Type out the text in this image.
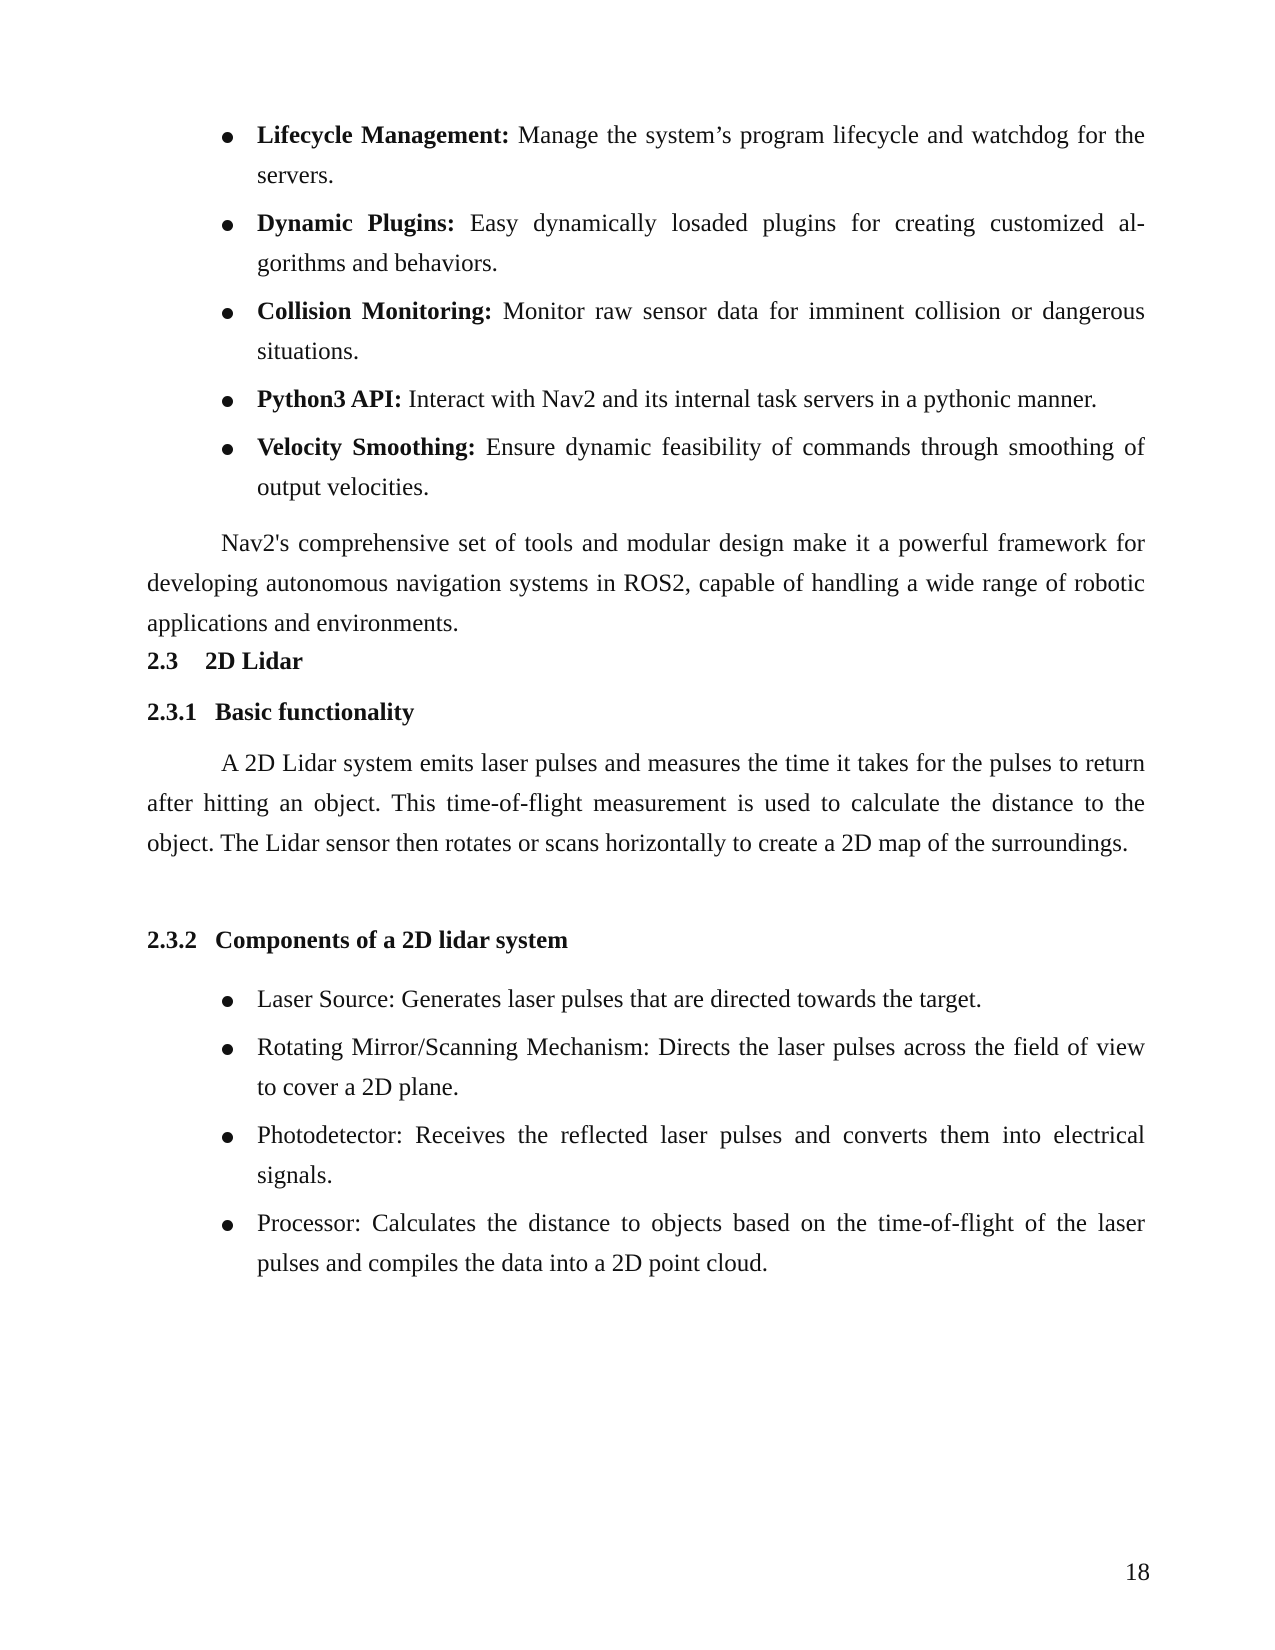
Lifecycle Management: Manage the system’s program lifecycle and watchdog for the servers.
Dynamic Plugins: Easy dynamically losaded plugins for creating customized algorithms and behaviors.
Collision Monitoring: Monitor raw sensor data for imminent collision or dangerous situations.
Python3 API: Interact with Nav2 and its internal task servers in a pythonic manner.
Velocity Smoothing: Ensure dynamic feasibility of commands through smoothing of output velocities.

Nav2's comprehensive set of tools and modular design make it a powerful framework for developing autonomous navigation systems in ROS2, capable of handling a wide range of robotic applications and environments.

2.3 2D Lidar
2.3.1 Basic functionality

A 2D Lidar system emits laser pulses and measures the time it takes for the pulses to return after hitting an object. This time-of-flight measurement is used to calculate the distance to the object. The Lidar sensor then rotates or scans horizontally to create a 2D map of the surroundings.

2.3.2 Components of a 2D lidar system
Laser Source: Generates laser pulses that are directed towards the target.
Rotating Mirror/Scanning Mechanism: Directs the laser pulses across the field of view to cover a 2D plane.
Photodetector: Receives the reflected laser pulses and converts them into electrical signals.
Processor: Calculates the distance to objects based on the time-of-flight of the laser pulses and compiles the data into a 2D point cloud.
18
